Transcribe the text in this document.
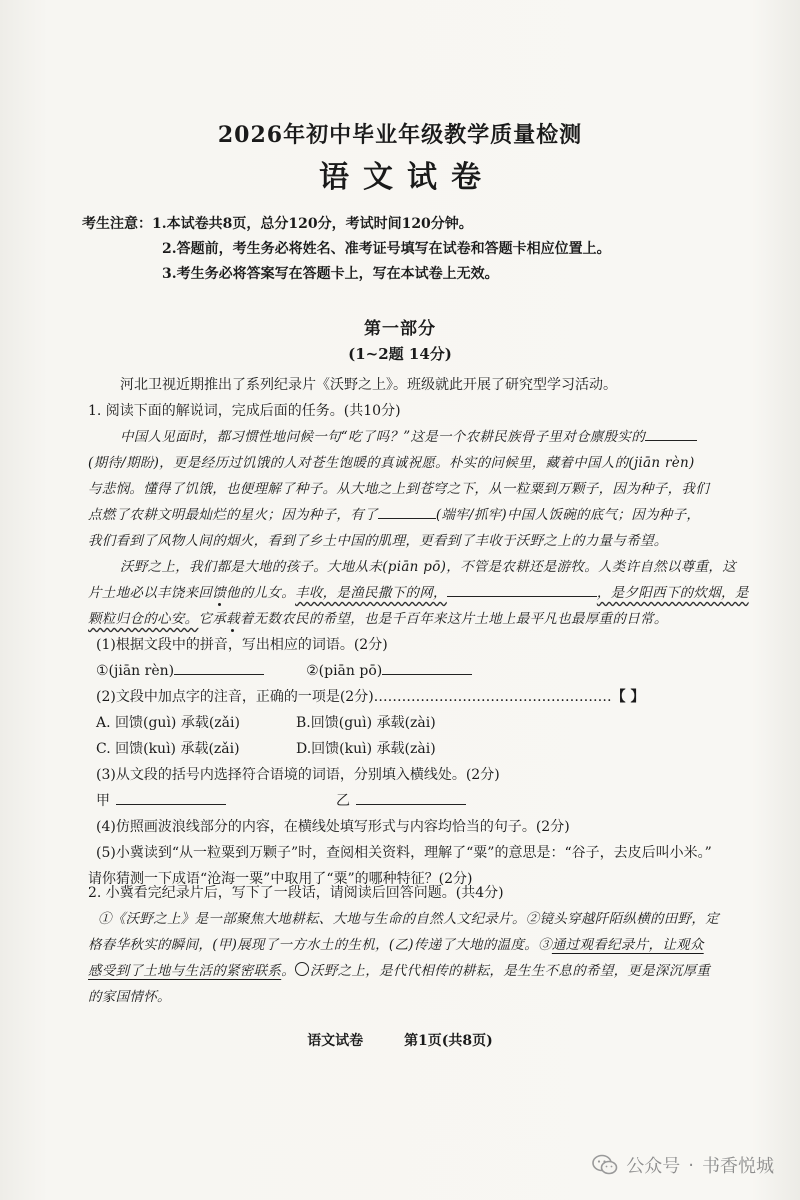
2026年初中毕业年级教学质量检测
语文试卷
考生注意：1.本试卷共8页，总分120分，考试时间120分钟。
2.答题前，考生务必将姓名、准考证号填写在试卷和答题卡相应位置上。
3.考生务必将答案写在答题卡上，写在本试卷上无效。
第一部分
(1~2题 14分)
河北卫视近期推出了系列纪录片《沃野之上》。班级就此开展了研究型学习活动。
1. 阅读下面的解说词，完成后面的任务。(共10分)
中国人见面时，都习惯性地问候一句“吃了吗？”这是一个农耕民族骨子里对仓廪殷实的
(期待/期盼)，更是经历过饥饿的人对苍生饱暖的真诚祝愿。朴实的问候里，藏着中国人的(jiān rèn)
与悲悯。懂得了饥饿，也便理解了种子。从大地之上到苍穹之下，从一粒粟到万颗子，因为种子，我们
点燃了农耕文明最灿烂的星火；因为种子，有了	(端牢/抓牢)中国人饭碗的底气；因为种子，
我们看到了风物人间的烟火，看到了乡土中国的肌理，更看到了丰收于沃野之上的力量与希望。
沃野之上，我们都是大地的孩子。大地从未(piān pō)，不管是农耕还是游牧。人类许自然以尊重，这
片土地必以丰饶来回馈他的儿女。丰收，是渔民撒下的网，	，是夕阳西下的炊烟，是
颗粒归仓的心安。它承载着无数农民的希望，也是千百年来这片土地上最平凡也最厚重的日常。
(1)根据文段中的拼音，写出相应的词语。(2分)
①(jiān rèn)	②(piān pō)
(2)文段中加点字的注音，正确的一项是(2分)……………………………………………【 】
A. 回馈(guì) 承载(zǎi)	B.回馈(guì) 承载(zài)
C. 回馈(kuì) 承载(zǎi)	D.回馈(kuì) 承载(zài)
(3)从文段的括号内选择符合语境的词语，分别填入横线处。(2分)
甲	乙
(4)仿照画波浪线部分的内容，在横线处填写形式与内容均恰当的句子。(2分)
(5)小冀读到“从一粒粟到万颗子”时，查阅相关资料，理解了“粟”的意思是：“谷子，去皮后叫小米。”
请你猜测一下成语“沧海一粟”中取用了“粟”的哪种特征？(2分)
2. 小冀看完纪录片后，写下了一段话，请阅读后回答问题。(共4分)
①《沃野之上》是一部聚焦大地耕耘、大地与生命的自然人文纪录片。②镜头穿越阡陌纵横的田野，定
格春华秋实的瞬间，(甲)展现了一方水土的生机，(乙)传递了大地的温度。③通过观看纪录片，让观众
感受到了土地与生活的紧密联系。 沃野之上，是代代相传的耕耘，是生生不息的希望，更是深沉厚重
的家国情怀。
语文试卷	第1页(共8页)
公众号 · 书香悦城
